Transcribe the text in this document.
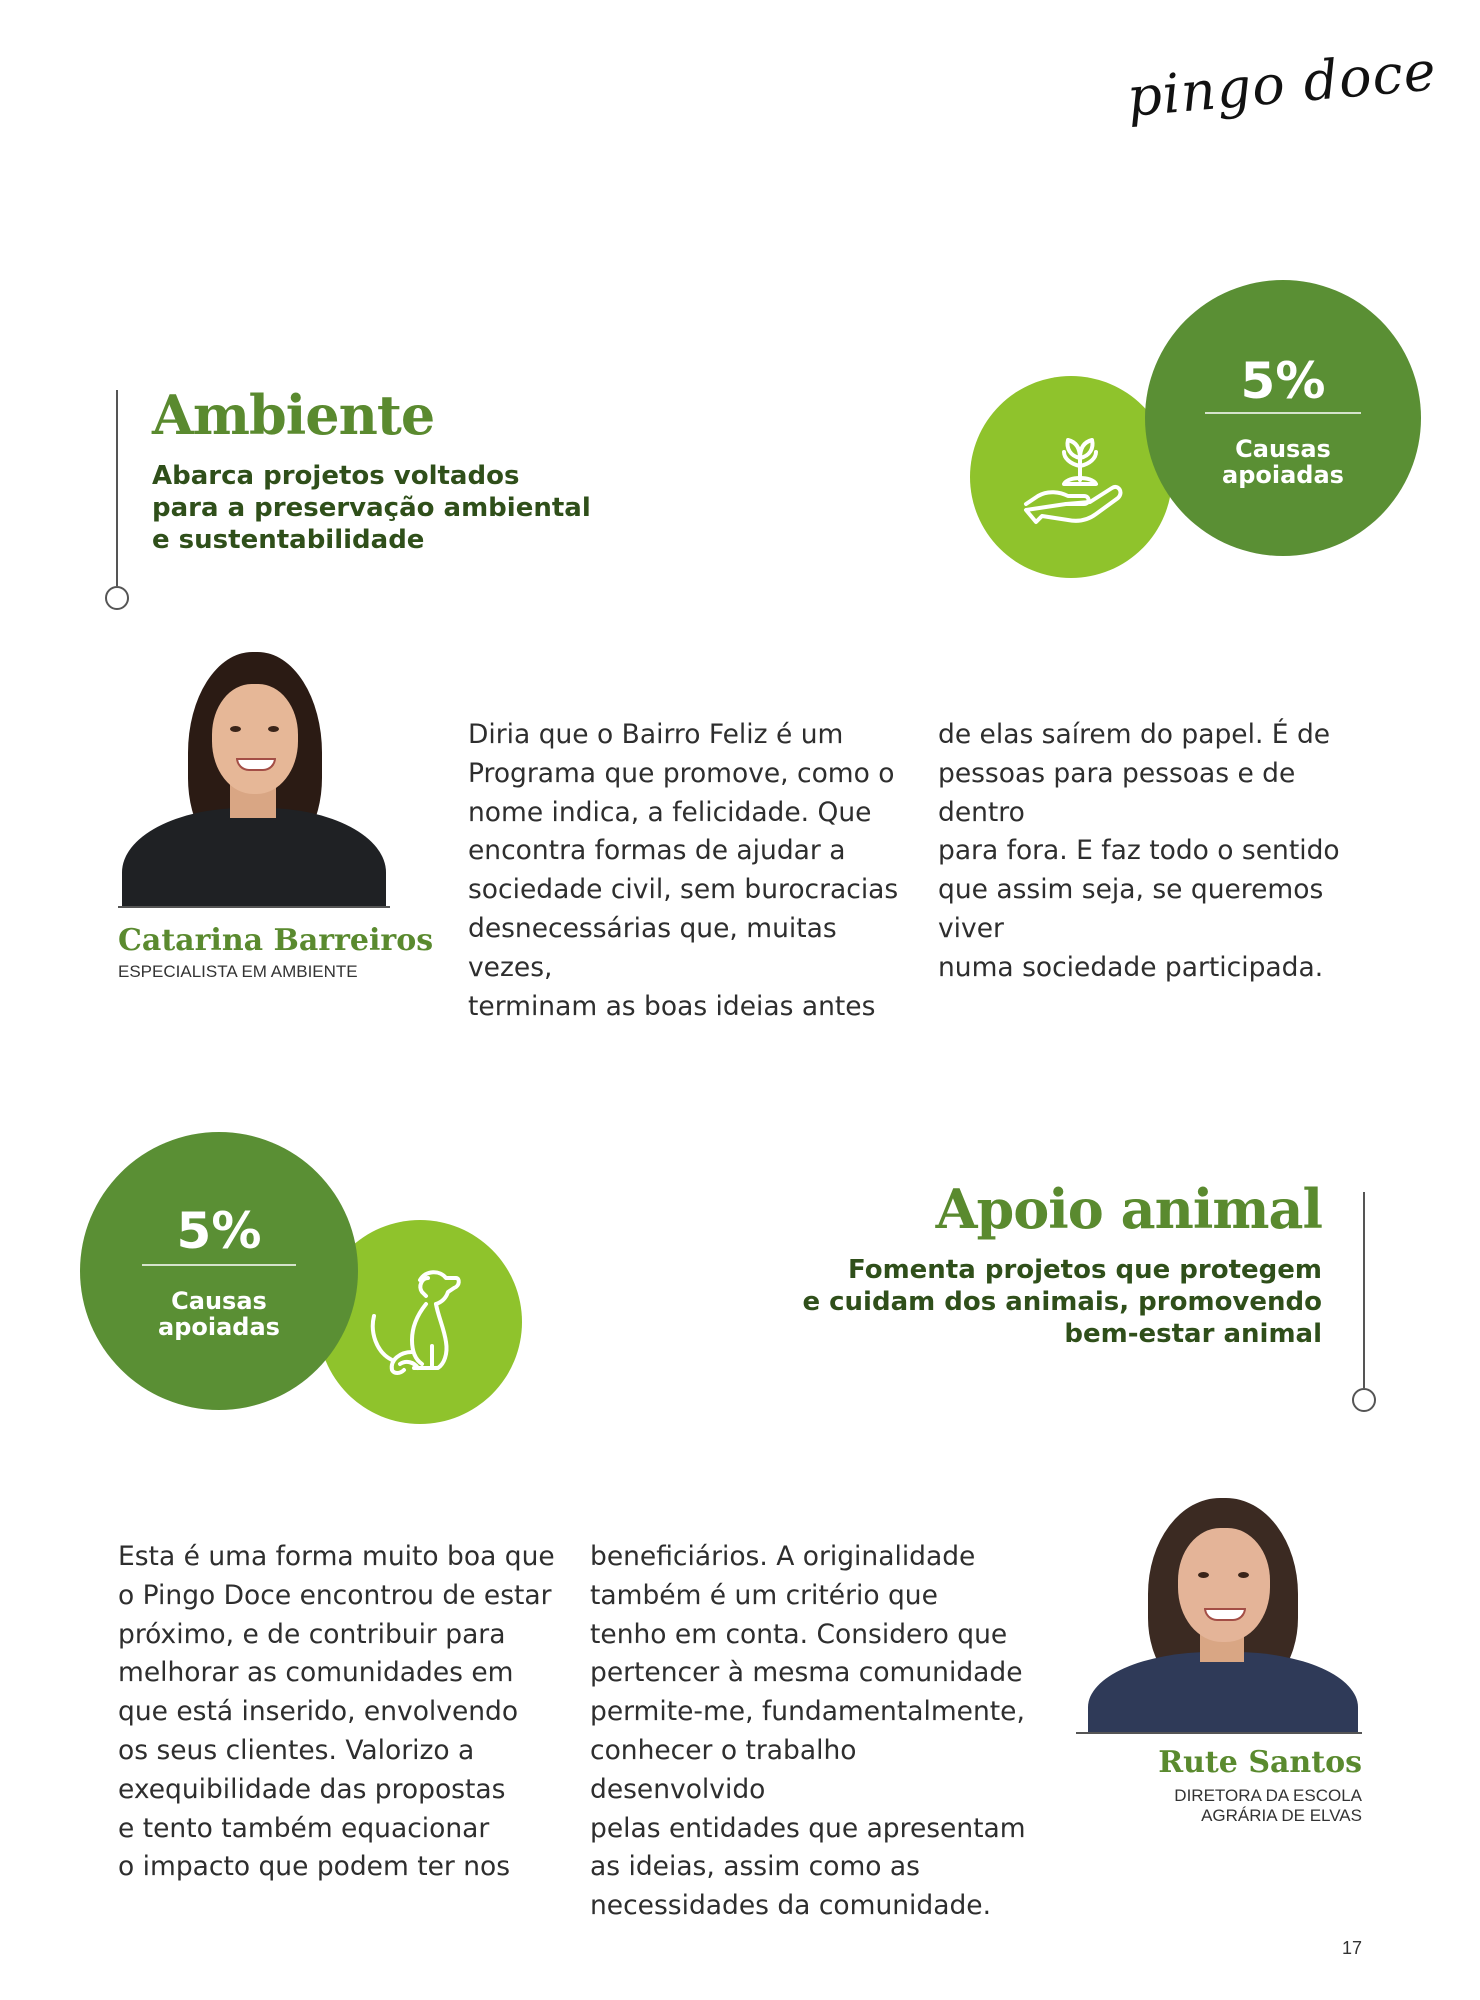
pingo doce
Ambiente

Abarca projetos voltados
para a preservação ambiental
e sustentabilidade

5%
Causas
apoiadas
Catarina Barreiros

ESPECIALISTA EM AMBIENTE

Diria que o Bairro Feliz é um
Programa que promove, como o
nome indica, a felicidade. Que
encontra formas de ajudar a
sociedade civil, sem burocracias
desnecessárias que, muitas vezes,
terminam as boas ideias antes

de elas saírem do papel. É de
pessoas para pessoas e de dentro
para fora. E faz todo o sentido
que assim seja, se queremos viver
numa sociedade participada.

5%
Causas
apoiadas
Apoio animal

Fomenta projetos que protegem
e cuidam dos animais, promovendo
bem-estar animal

Esta é uma forma muito boa que
o Pingo Doce encontrou de estar
próximo, e de contribuir para
melhorar as comunidades em
que está inserido, envolvendo
os seus clientes. Valorizo a
exequibilidade das propostas
e tento também equacionar
o impacto que podem ter nos

beneficiários. A originalidade
também é um critério que
tenho em conta. Considero que
pertencer à mesma comunidade
permite-me, fundamentalmente,
conhecer o trabalho desenvolvido
pelas entidades que apresentam
as ideias, assim como as
necessidades da comunidade.

Rute Santos

DIRETORA DA ESCOLA
AGRÁRIA DE ELVAS

17
